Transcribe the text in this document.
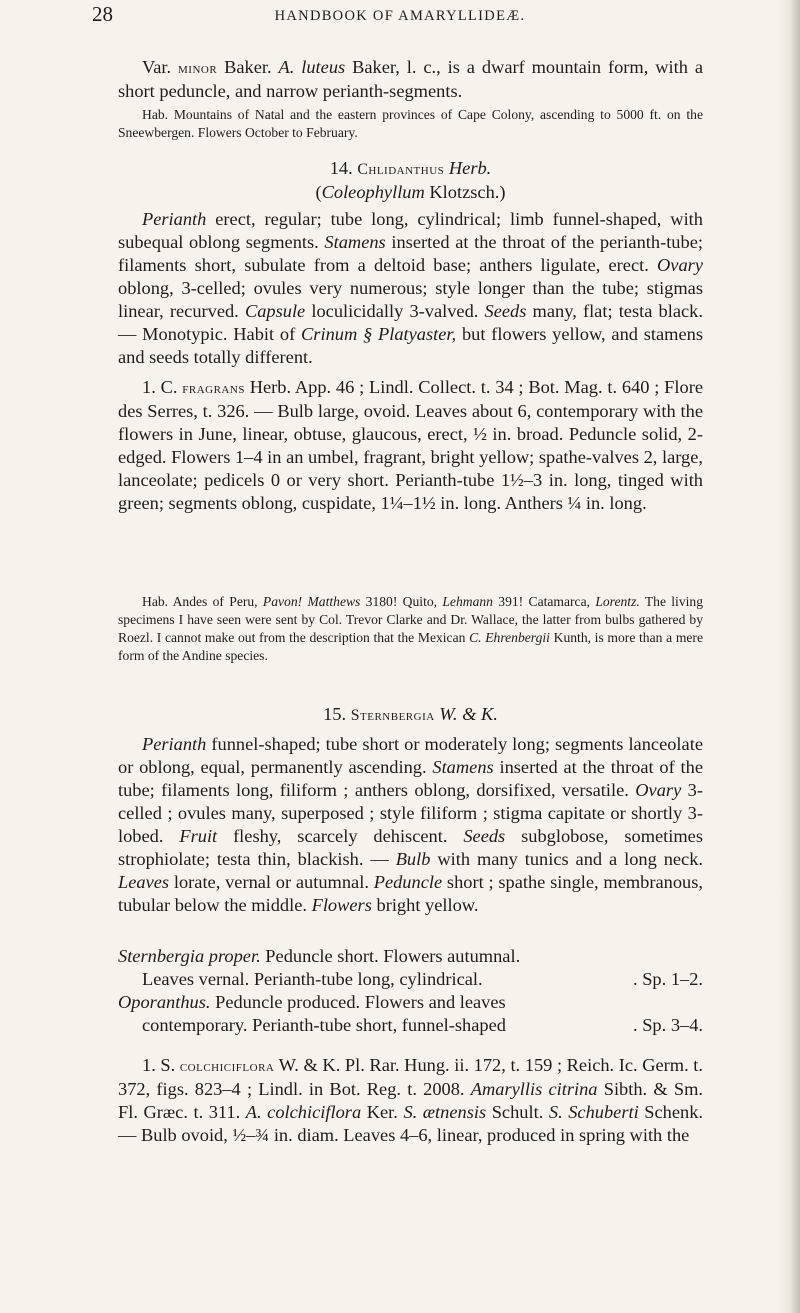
28	HANDBOOK OF AMARYLLIDEÆ.

Var. minor Baker. A. luteus Baker, l. c., is a dwarf mountain form, with a short peduncle, and narrow perianth-segments.

Hab. Mountains of Natal and the eastern provinces of Cape Colony, ascending to 5000 ft. on the Sneewbergen. Flowers October to February.

14. Chlidanthus Herb.
(Coleophyllum Klotzsch.)

Perianth erect, regular; tube long, cylindrical; limb funnel-shaped, with subequal oblong segments. Stamens inserted at the throat of the perianth-tube; filaments short, subulate from a deltoid base; anthers ligulate, erect. Ovary oblong, 3-celled; ovules very numerous; style longer than the tube; stigmas linear, recurved. Capsule loculicidally 3-valved. Seeds many, flat; testa black.— Monotypic. Habit of Crinum § Platyaster, but flowers yellow, and stamens and seeds totally different.

1. C. fragrans Herb. App. 46 ; Lindl. Collect. t. 34 ; Bot. Mag. t. 640 ; Flore des Serres, t. 326. — Bulb large, ovoid. Leaves about 6, contemporary with the flowers in June, linear, obtuse, glaucous, erect, ½ in. broad. Peduncle solid, 2-edged. Flowers 1–4 in an umbel, fragrant, bright yellow; spathe-valves 2, large, lanceolate; pedicels 0 or very short. Perianth-tube 1½–3 in. long, tinged with green; segments oblong, cuspidate, 1¼–1½ in. long. Anthers ¼ in. long.

Hab. Andes of Peru, Pavon! Matthews 3180! Quito, Lehmann 391! Catamarca, Lorentz. The living specimens I have seen were sent by Col. Trevor Clarke and Dr. Wallace, the latter from bulbs gathered by Roezl. I cannot make out from the description that the Mexican C. Ehrenbergii Kunth, is more than a mere form of the Andine species.

15. Sternbergia W. & K.

Perianth funnel-shaped; tube short or moderately long; segments lanceolate or oblong, equal, permanently ascending. Stamens inserted at the throat of the tube; filaments long, filiform ; anthers oblong, dorsifixed, versatile. Ovary 3-celled ; ovules many, superposed ; style filiform ; stigma capitate or shortly 3-lobed. Fruit fleshy, scarcely dehiscent. Seeds subglobose, sometimes strophiolate; testa thin, blackish. — Bulb with many tunics and a long neck. Leaves lorate, vernal or autumnal. Peduncle short ; spathe single, membranous, tubular below the middle. Flowers bright yellow.

Sternbergia proper. Peduncle short. Flowers autumnal.
Leaves vernal. Perianth-tube long, cylindrical.	. Sp. 1–2.
Oporanthus. Peduncle produced. Flowers and leaves
contemporary. Perianth-tube short, funnel-shaped	. Sp. 3–4.

1. S. colchiciflora W. & K. Pl. Rar. Hung. ii. 172, t. 159 ; Reich. Ic. Germ. t. 372, figs. 823–4 ; Lindl. in Bot. Reg. t. 2008. Amaryllis citrina Sibth. & Sm. Fl. Græc. t. 311. A. colchiciflora Ker. S. ætnensis Schult. S. Schuberti Schenk. — Bulb ovoid, ½–¾ in. diam. Leaves 4–6, linear, produced in spring with the
